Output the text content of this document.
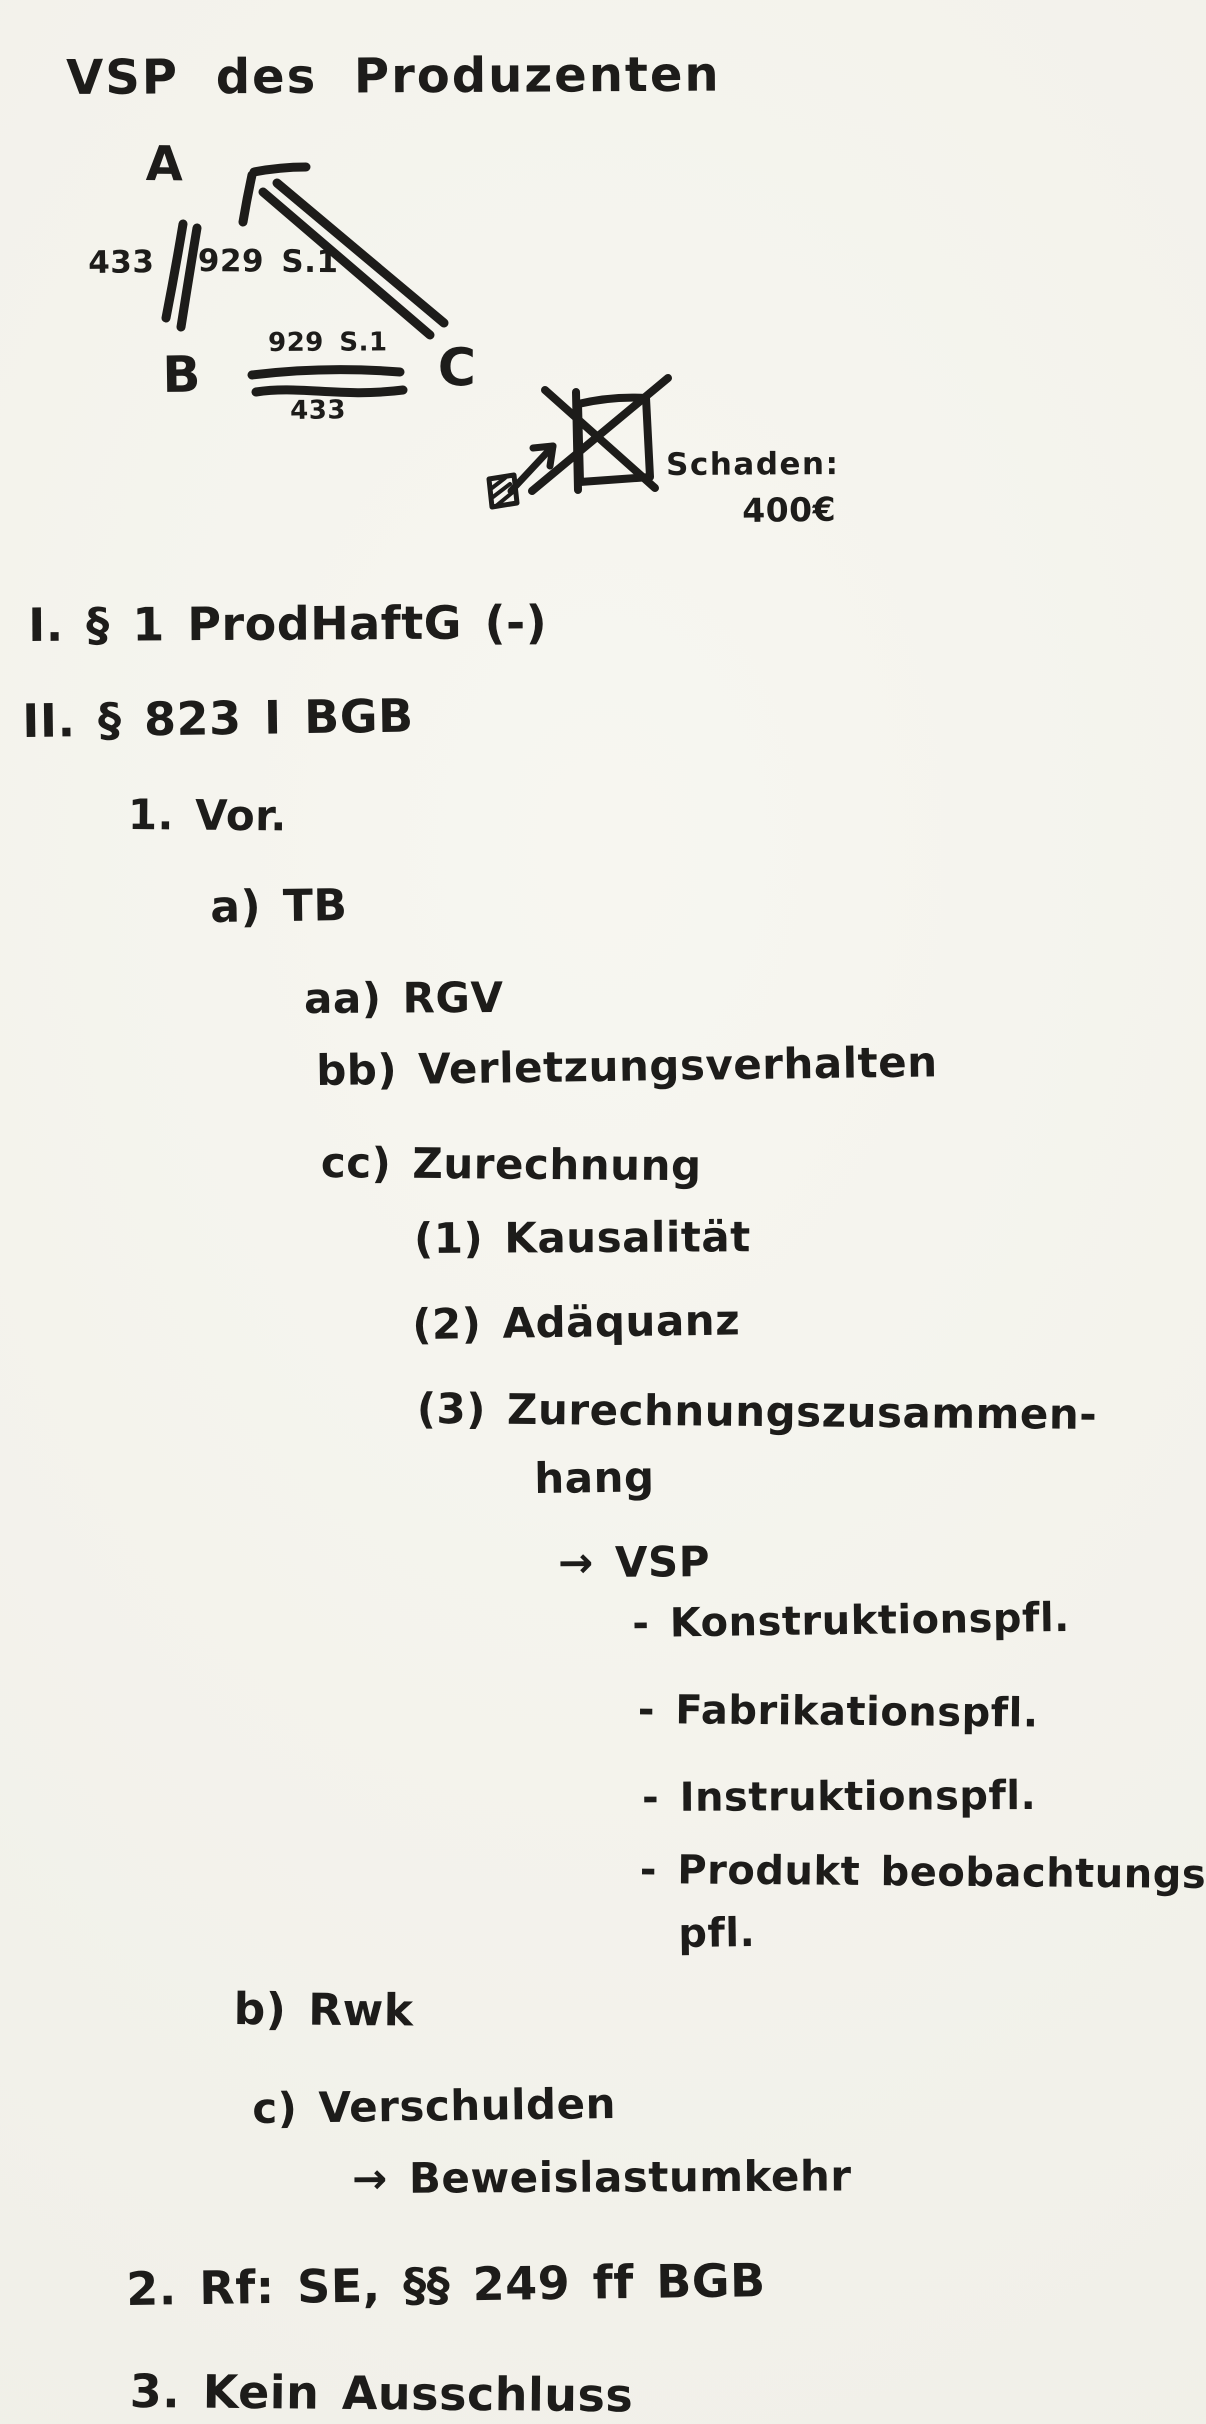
VSP des Produzenten
A
B	C
433 929 S.1
929 S.1
433
Schaden:
400€
I. § 1 ProdHaftG (-)
II. § 823 I BGB
1. Vor.
a) TB
aa) RGV
bb) Verletzungsverhalten
cc) Zurechnung
(1) Kausalität
(2) Adäquanz
(3) Zurechnungszusammen-
hang
→ VSP
- Konstruktionspfl.
- Fabrikationspfl.
- Instruktionspfl.
- Produkt beobachtungs
pfl.
b) Rwk
c) Verschulden
→ Beweislastumkehr
2. Rf: SE, §§ 249 ff BGB
3. Kein Ausschluss
